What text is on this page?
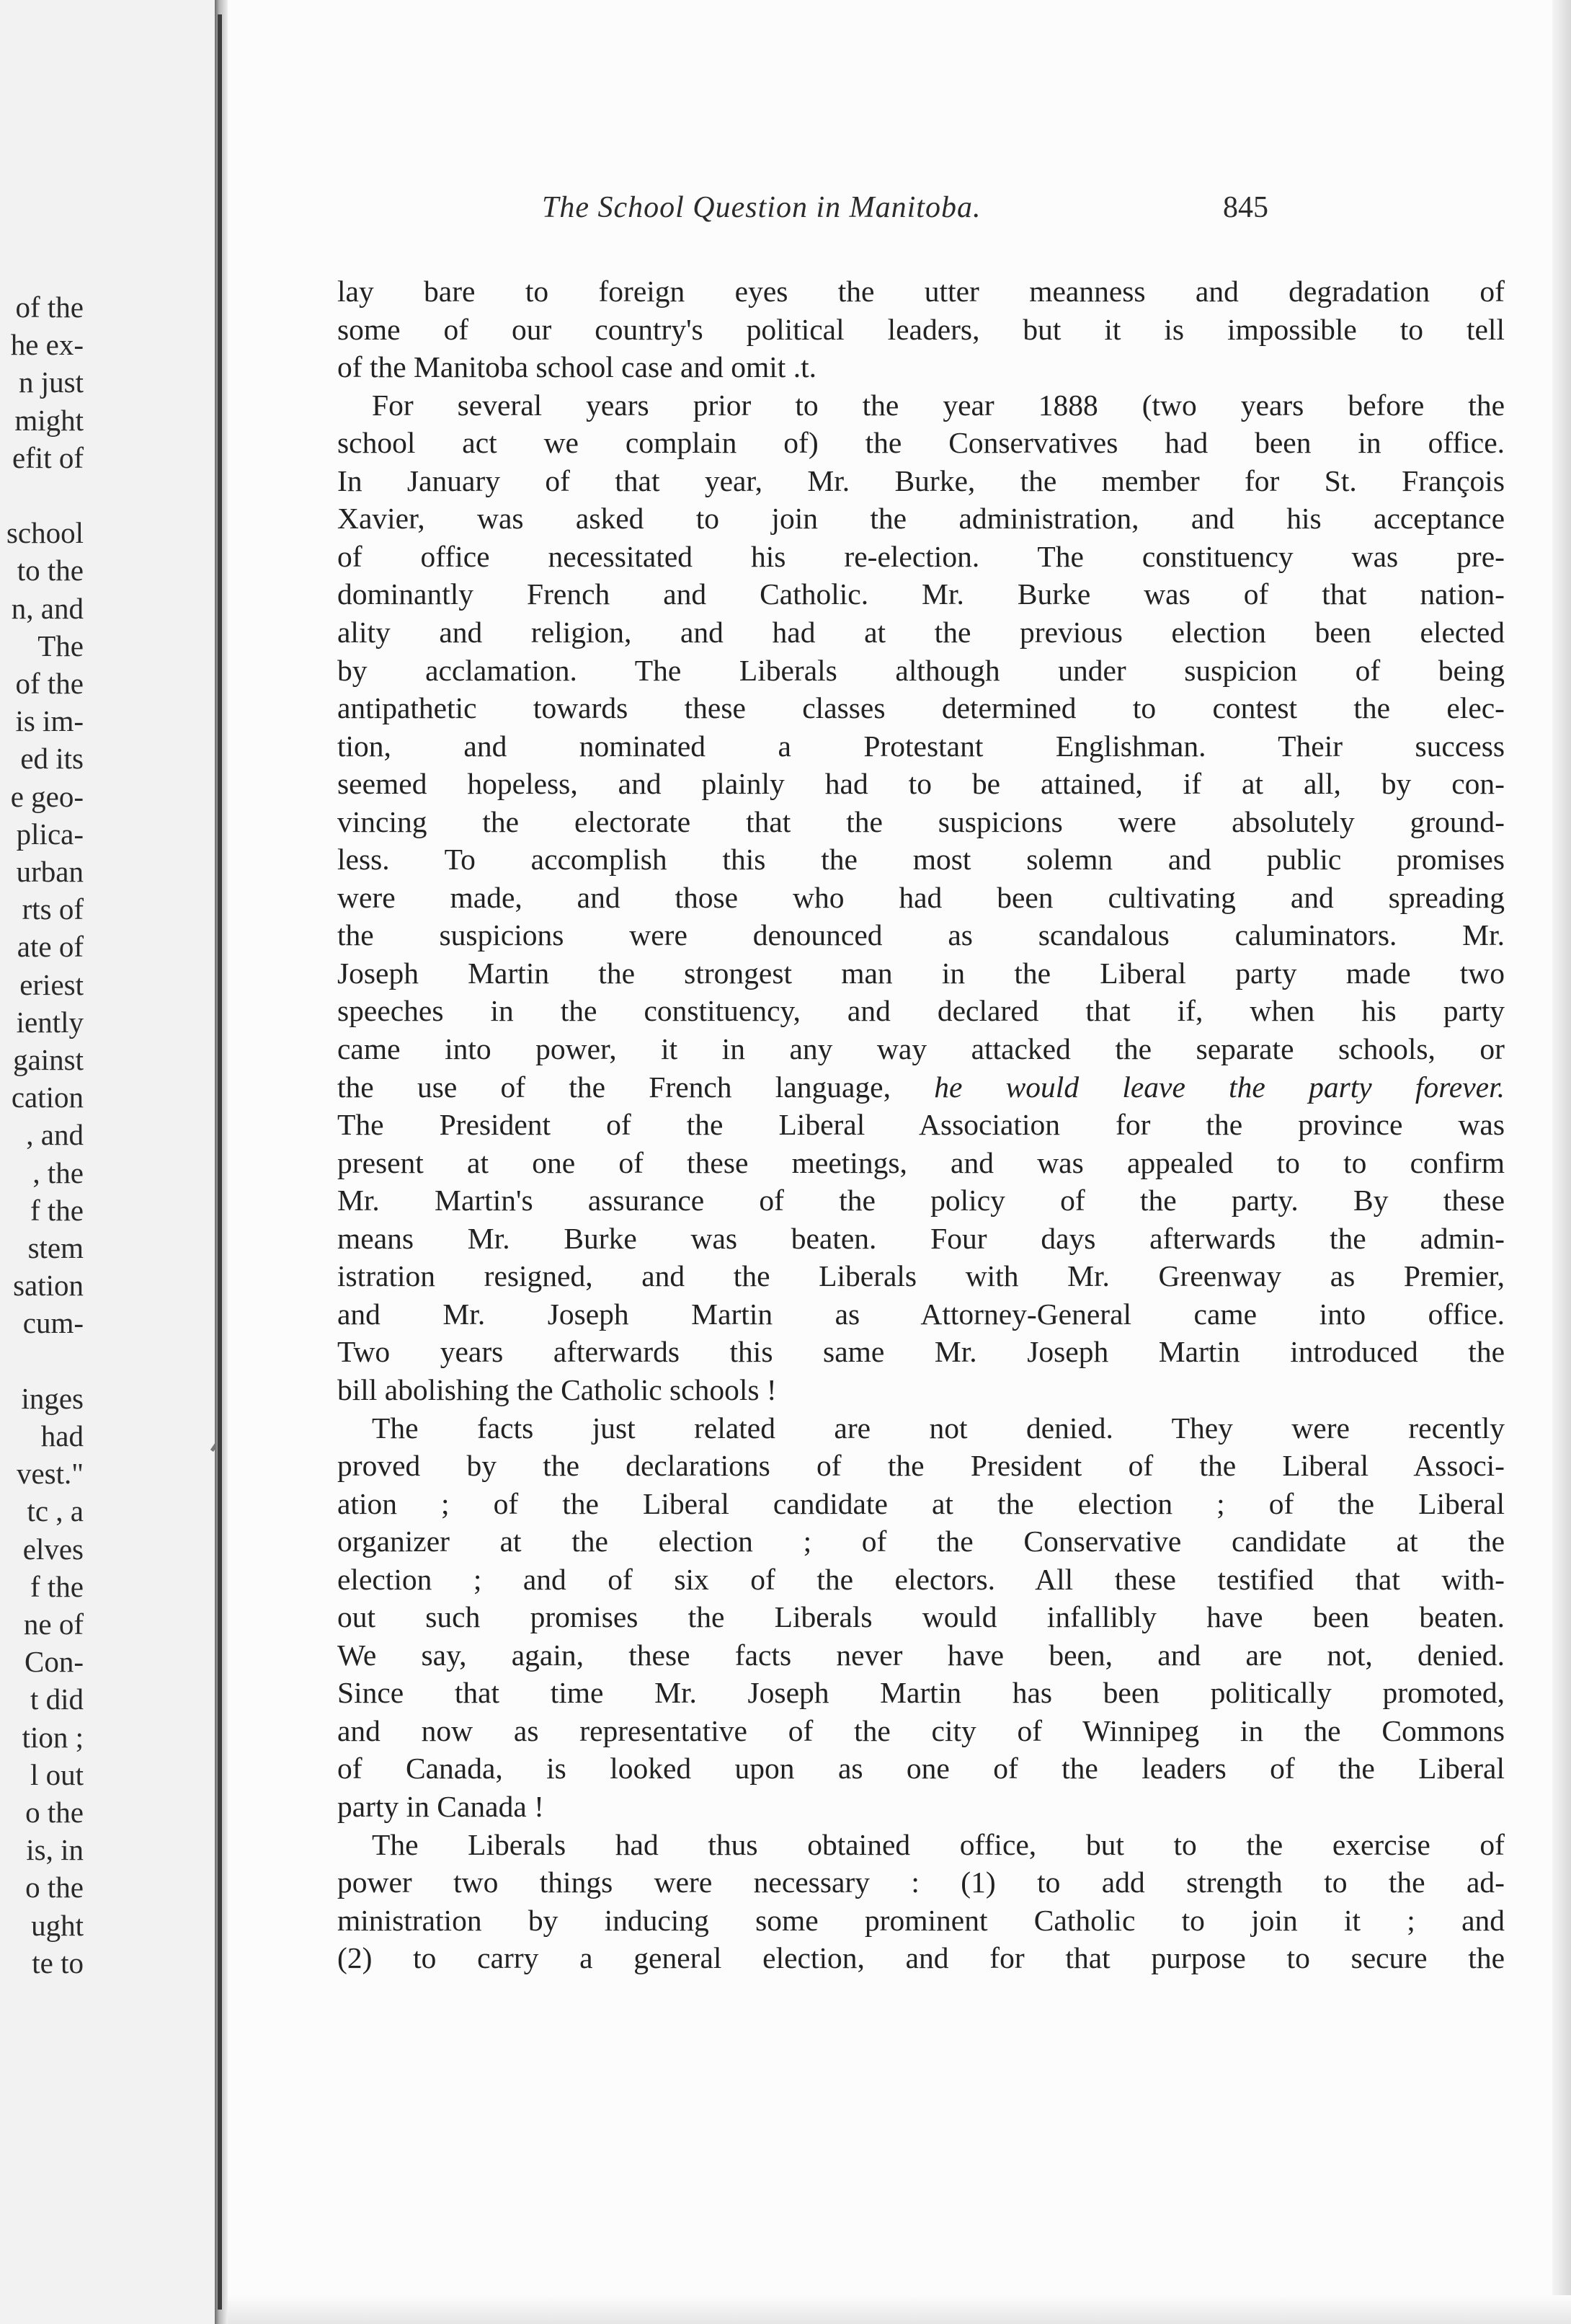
of the
he ex-
n just
might
efit of
school
to the
n, and
The
of the
is im-
ed its
e geo-
plica-
urban
rts of
ate of
eriest
iently
gainst
cation
, and
, the
f the
stem
sation
cum-
inges
had
vest."
tc , a
elves
f the
ne of
Con-
t did
tion ;
l out
o the
is, in
o the
ught
te to
The School Question in Manitoba.	845
lay bare to foreign eyes the utter meanness and degradation of
some of our country's political leaders, but it is impossible to tell
of the Manitoba school case and omit .t.
For several years prior to the year 1888 (two years before the
school act we complain of) the Conservatives had been in office.
In January of that year, Mr. Burke, the member for St. François
Xavier, was asked to join the administration, and his acceptance
of office necessitated his re-election. The constituency was pre-
dominantly French and Catholic. Mr. Burke was of that nation-
ality and religion, and had at the previous election been elected
by acclamation. The Liberals although under suspicion of being
antipathetic towards these classes determined to contest the elec-
tion, and nominated a Protestant Englishman. Their success
seemed hopeless, and plainly had to be attained, if at all, by con-
vincing the electorate that the suspicions were absolutely ground-
less. To accomplish this the most solemn and public promises
were made, and those who had been cultivating and spreading
the suspicions were denounced as scandalous caluminators. Mr.
Joseph Martin the strongest man in the Liberal party made two
speeches in the constituency, and declared that if, when his party
came into power, it in any way attacked the separate schools, or
the use of the French language, he would leave the party forever.
The President of the Liberal Association for the province was
present at one of these meetings, and was appealed to to confirm
Mr. Martin's assurance of the policy of the party. By these
means Mr. Burke was beaten. Four days afterwards the admin-
istration resigned, and the Liberals with Mr. Greenway as Premier,
and Mr. Joseph Martin as Attorney-General came into office.
Two years afterwards this same Mr. Joseph Martin introduced the
bill abolishing the Catholic schools !
The facts just related are not denied. They were recently
proved by the declarations of the President of the Liberal Associ-
ation ; of the Liberal candidate at the election ; of the Liberal
organizer at the election ; of the Conservative candidate at the
election ; and of six of the electors. All these testified that with-
out such promises the Liberals would infallibly have been beaten.
We say, again, these facts never have been, and are not, denied.
Since that time Mr. Joseph Martin has been politically promoted,
and now as representative of the city of Winnipeg in the Commons
of Canada, is looked upon as one of the leaders of the Liberal
party in Canada !
The Liberals had thus obtained office, but to the exercise of
power two things were necessary : (1) to add strength to the ad-
ministration by inducing some prominent Catholic to join it ; and
(2) to carry a general election, and for that purpose to secure the
